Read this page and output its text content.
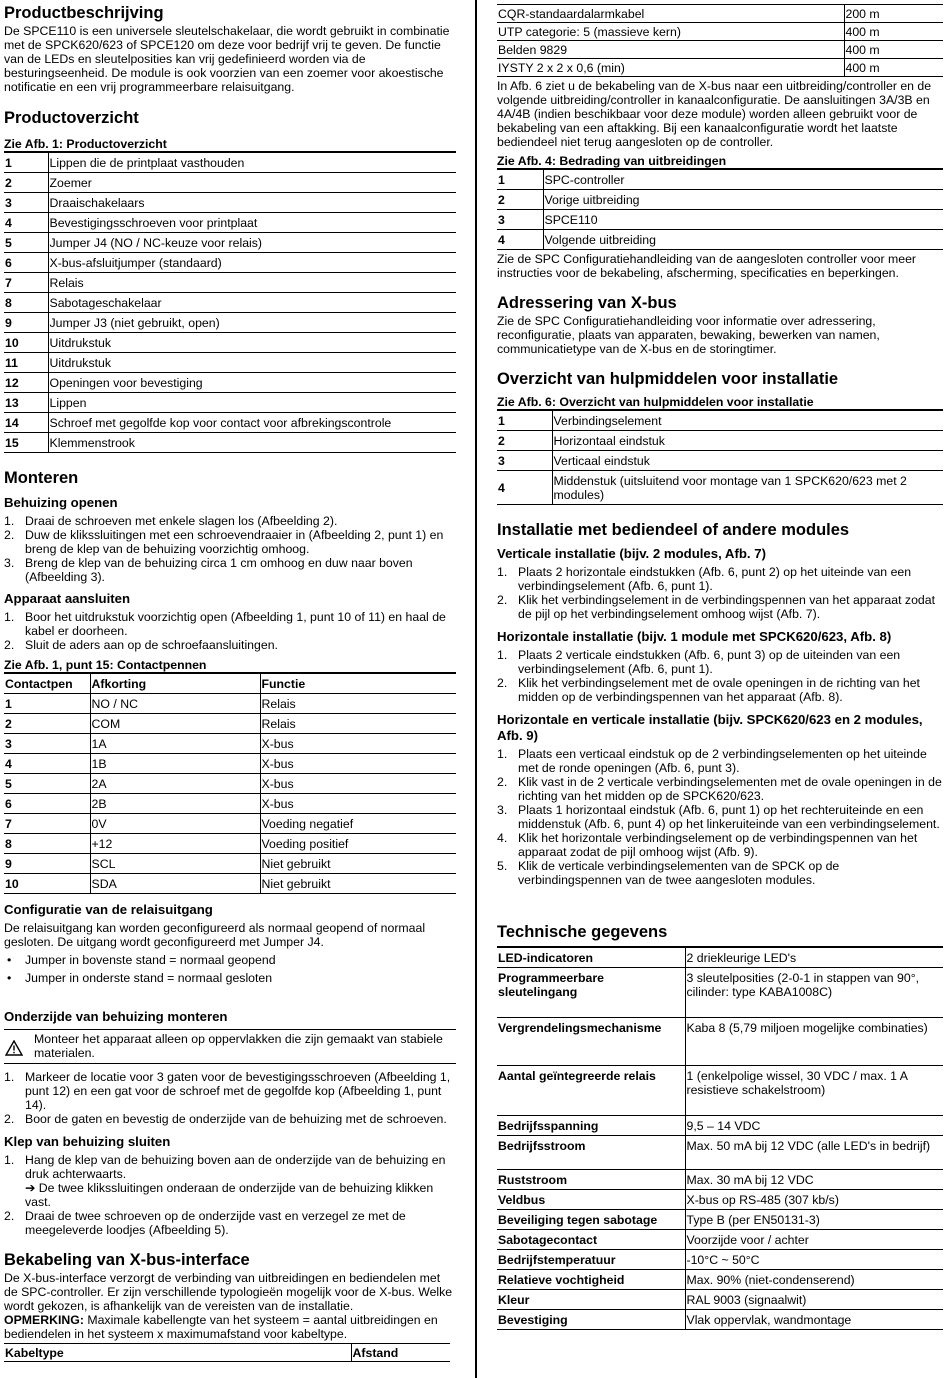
Productbeschrijving

De SPCE110 is een universele sleutelschakelaar, die wordt gebruikt in combinatie met de SPCK620/623 of SPCE120 om deze voor bedrijf vrij te geven. De functie van de LEDs en sleutelposities kan vrij gedefinieerd worden via de besturingseenheid. De module is ook voorzien van een zoemer voor akoestische notificatie en een vrij programmeerbare relaisuitgang.

Productoverzicht
Zie Afb. 1: Productoverzicht
1	Lippen die de printplaat vasthouden
2	Zoemer
3	Draaischakelaars
4	Bevestigingsschroeven voor printplaat
5	Jumper J4 (NO / NC-keuze voor relais)
6	X-bus-afsluitjumper (standaard)
7	Relais
8	Sabotageschakelaar
9	Jumper J3 (niet gebruikt, open)
10	Uitdrukstuk
11	Uitdrukstuk
12	Openingen voor bevestiging
13	Lippen
14	Schroef met gegolfde kop voor contact voor afbrekingscontrole
15	Klemmenstrook
Monteren
Behuizing openen
1. Draai de schroeven met enkele slagen los (Afbeelding 2).
2. Duw de klikssluitingen met een schroevendraaier in (Afbeelding 2, punt 1) en breng de klep van de behuizing voorzichtig omhoog.
3. Breng de klep van de behuizing circa 1 cm omhoog en duw naar boven (Afbeelding 3).
Apparaat aansluiten
1. Boor het uitdrukstuk voorzichtig open (Afbeelding 1, punt 10 of 11) en haal de kabel er doorheen.
2. Sluit de aders aan op de schroefaansluitingen.
Zie Afb. 1, punt 15: Contactpennen
Contactpen	Afkorting	Functie
1	NO / NC	Relais
2	COM	Relais
3	1A	X-bus
4	1B	X-bus
5	2A	X-bus
6	2B	X-bus
7	0V	Voeding negatief
8	+12	Voeding positief
9	SCL	Niet gebruikt
10	SDA	Niet gebruikt
Configuratie van de relaisuitgang

De relaisuitgang kan worden geconfigureerd als normaal geopend of normaal gesloten. De uitgang wordt geconfigureerd met Jumper J4.

• Jumper in bovenste stand = normaal geopend
• Jumper in onderste stand = normaal gesloten
Onderzijde van behuizing monteren
Monteer het apparaat alleen op oppervlakken die zijn gemaakt van stabiele materialen.
1. Markeer de locatie voor 3 gaten voor de bevestigingsschroeven (Afbeelding 1, punt 12) en een gat voor de schroef met de gegolfde kop (Afbeelding 1, punt 14).
2. Boor de gaten en bevestig de onderzijde van de behuizing met de schroeven.
Klep van behuizing sluiten
1. Hang de klep van de behuizing boven aan de onderzijde van de behuizing en druk achterwaarts.
➔ De twee klikssluitingen onderaan de onderzijde van de behuizing klikken vast.
2. Draai de twee schroeven op de onderzijde vast en verzegel ze met de meegeleverde loodjes (Afbeelding 5).
Bekabeling van X-bus-interface

De X-bus-interface verzorgt de verbinding van uitbreidingen en bediendelen met de SPC-controller. Er zijn verschillende typologieën mogelijk voor de X-bus. Welke wordt gekozen, is afhankelijk van de vereisten van de installatie.

OPMERKING: Maximale kabellengte van het systeem = aantal uitbreidingen en bediendelen in het systeem x maximumafstand voor kabeltype.

Kabeltype	Afstand
CQR-standaardalarmkabel	200 m
UTP categorie: 5 (massieve kern)	400 m
Belden 9829	400 m
IYSTY 2 x 2 x 0,6 (min)	400 m

In Afb. 6 ziet u de bekabeling van de X-bus naar een uitbreiding/controller en de volgende uitbreiding/controller in kanaalconfiguratie. De aansluitingen 3A/3B en 4A/4B (indien beschikbaar voor deze module) worden alleen gebruikt voor de bekabeling van een aftakking. Bij een kanaalconfiguratie wordt het laatste bediendeel niet terug aangesloten op de controller.

Zie Afb. 4: Bedrading van uitbreidingen
1	SPC-controller
2	Vorige uitbreiding
3	SPCE110
4	Volgende uitbreiding

Zie de SPC Configuratiehandleiding van de aangesloten controller voor meer instructies voor de bekabeling, afscherming, specificaties en beperkingen.

Adressering van X-bus

Zie de SPC Configuratiehandleiding voor informatie over adressering, reconfiguratie, plaats van apparaten, bewaking, bewerken van namen, communicatietype van de X-bus en de storingtimer.

Overzicht van hulpmiddelen voor installatie
Zie Afb. 6: Overzicht van hulpmiddelen voor installatie
1	Verbindingselement
2	Horizontaal eindstuk
3	Verticaal eindstuk
4	Middenstuk (uitsluitend voor montage van 1 SPCK620/623 met 2 modules)
Installatie met bediendeel of andere modules
Verticale installatie (bijv. 2 modules, Afb. 7)
1. Plaats 2 horizontale eindstukken (Afb. 6, punt 2) op het uiteinde van een verbindingselement (Afb. 6, punt 1).
2. Klik het verbindingselement in de verbindingspennen van het apparaat zodat de pijl op het verbindingselement omhoog wijst (Afb. 7).
Horizontale installatie (bijv. 1 module met SPCK620/623, Afb. 8)
1. Plaats 2 verticale eindstukken (Afb. 6, punt 3) op de uiteinden van een verbindingselement (Afb. 6, punt 1).
2. Klik het verbindingselement met de ovale openingen in de richting van het midden op de verbindingspennen van het apparaat (Afb. 8).
Horizontale en verticale installatie (bijv. SPCK620/623 en 2 modules, Afb. 9)
1. Plaats een verticaal eindstuk op de 2 verbindingselementen op het uiteinde met de ronde openingen (Afb. 6, punt 3).
2. Klik vast in de 2 verticale verbindingselementen met de ovale openingen in de richting van het midden op de SPCK620/623.
3. Plaats 1 horizontaal eindstuk (Afb. 6, punt 1) op het rechteruiteinde en een middenstuk (Afb. 6, punt 4) op het linkeruiteinde van een verbindingselement.
4. Klik het horizontale verbindingselement op de verbindingspennen van het apparaat zodat de pijl omhoog wijst (Afb. 9).
5. Klik de verticale verbindingselementen van de SPCK op de verbindingspennen van de twee aangesloten modules.
Technische gegevens
LED-indicatoren	2 driekleurige LED's
Programmeerbare sleutelingang	3 sleutelposities (2-0-1 in stappen van 90°, cilinder: type KABA1008C)
Vergrendelingsmechanisme	Kaba 8 (5,79 miljoen mogelijke combinaties)
Aantal geïntegreerde relais	1 (enkelpolige wissel, 30 VDC / max. 1 A resistieve schakelstroom)
Bedrijfsspanning	9,5 – 14 VDC
Bedrijfsstroom	Max. 50 mA bij 12 VDC (alle LED's in bedrijf)
Ruststroom	Max. 30 mA bij 12 VDC
Veldbus	X-bus op RS-485 (307 kb/s)
Beveiliging tegen sabotage	Type B (per EN50131-3)
Sabotagecontact	Voorzijde voor / achter
Bedrijfstemperatuur	-10°C ~ 50°C
Relatieve vochtigheid	Max. 90% (niet-condenserend)
Kleur	RAL 9003 (signaalwit)
Bevestiging	Vlak oppervlak, wandmontage
